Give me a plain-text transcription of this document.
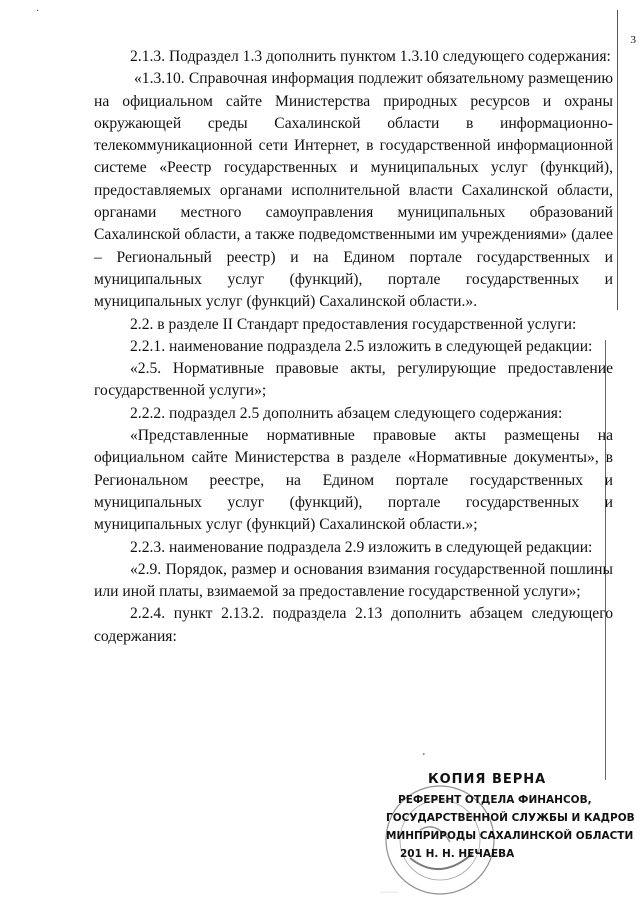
·
3

2.1.3. Подраздел 1.3 дополнить пунктом 1.3.10 следующего содержания:

«1.3.10. Справочная информация подлежит обязательному размещению на официальном сайте Министерства природных ресурсов и охраны окружающей среды Сахалинской области в информационно-телекоммуникационной сети Интернет, в государственной информационной системе «Реестр государственных и муниципальных услуг (функций), предоставляемых органами исполнительной власти Сахалинской области, органами местного самоуправления муниципальных образований Сахалинской области, а также подведомственными им учреждениями» (далее – Региональный реестр) и на Едином портале государственных и муниципальных услуг (функций), портале государственных и муниципальных услуг (функций) Сахалинской области.».

2.2. в разделе II Стандарт предоставления государственной услуги:

2.2.1. наименование подраздела 2.5 изложить в следующей редакции:

«2.5. Нормативные правовые акты, регулирующие предоставление государственной услуги»;

2.2.2. подраздел 2.5 дополнить абзацем следующего содержания:

«Представленные нормативные правовые акты размещены на официальном сайте Министерства в разделе «Нормативные документы», в Региональном реестре, на Едином портале государственных и муниципальных услуг (функций), портале государственных и муниципальных услуг (функций) Сахалинской области.»;

2.2.3. наименование подраздела 2.9 изложить в следующей редакции:

«2.9. Порядок, размер и основания взимания государственной пошлины или иной платы, взимаемой за предоставление государственной услуги»;

2.2.4. пункт 2.13.2. подраздела 2.13 дополнить абзацем следующего содержания:

'
КОПИЯ ВЕРНА
РЕФЕРЕНТ ОТДЕЛА ФИНАНСОВ,
ГОСУДАРСТВЕННОЙ СЛУЖБЫ И КАДРОВ
МИНПРИРОДЫ САХАЛИНСКОЙ ОБЛАСТИ
201 Н. Н. НЕЧАЕВА
·········
